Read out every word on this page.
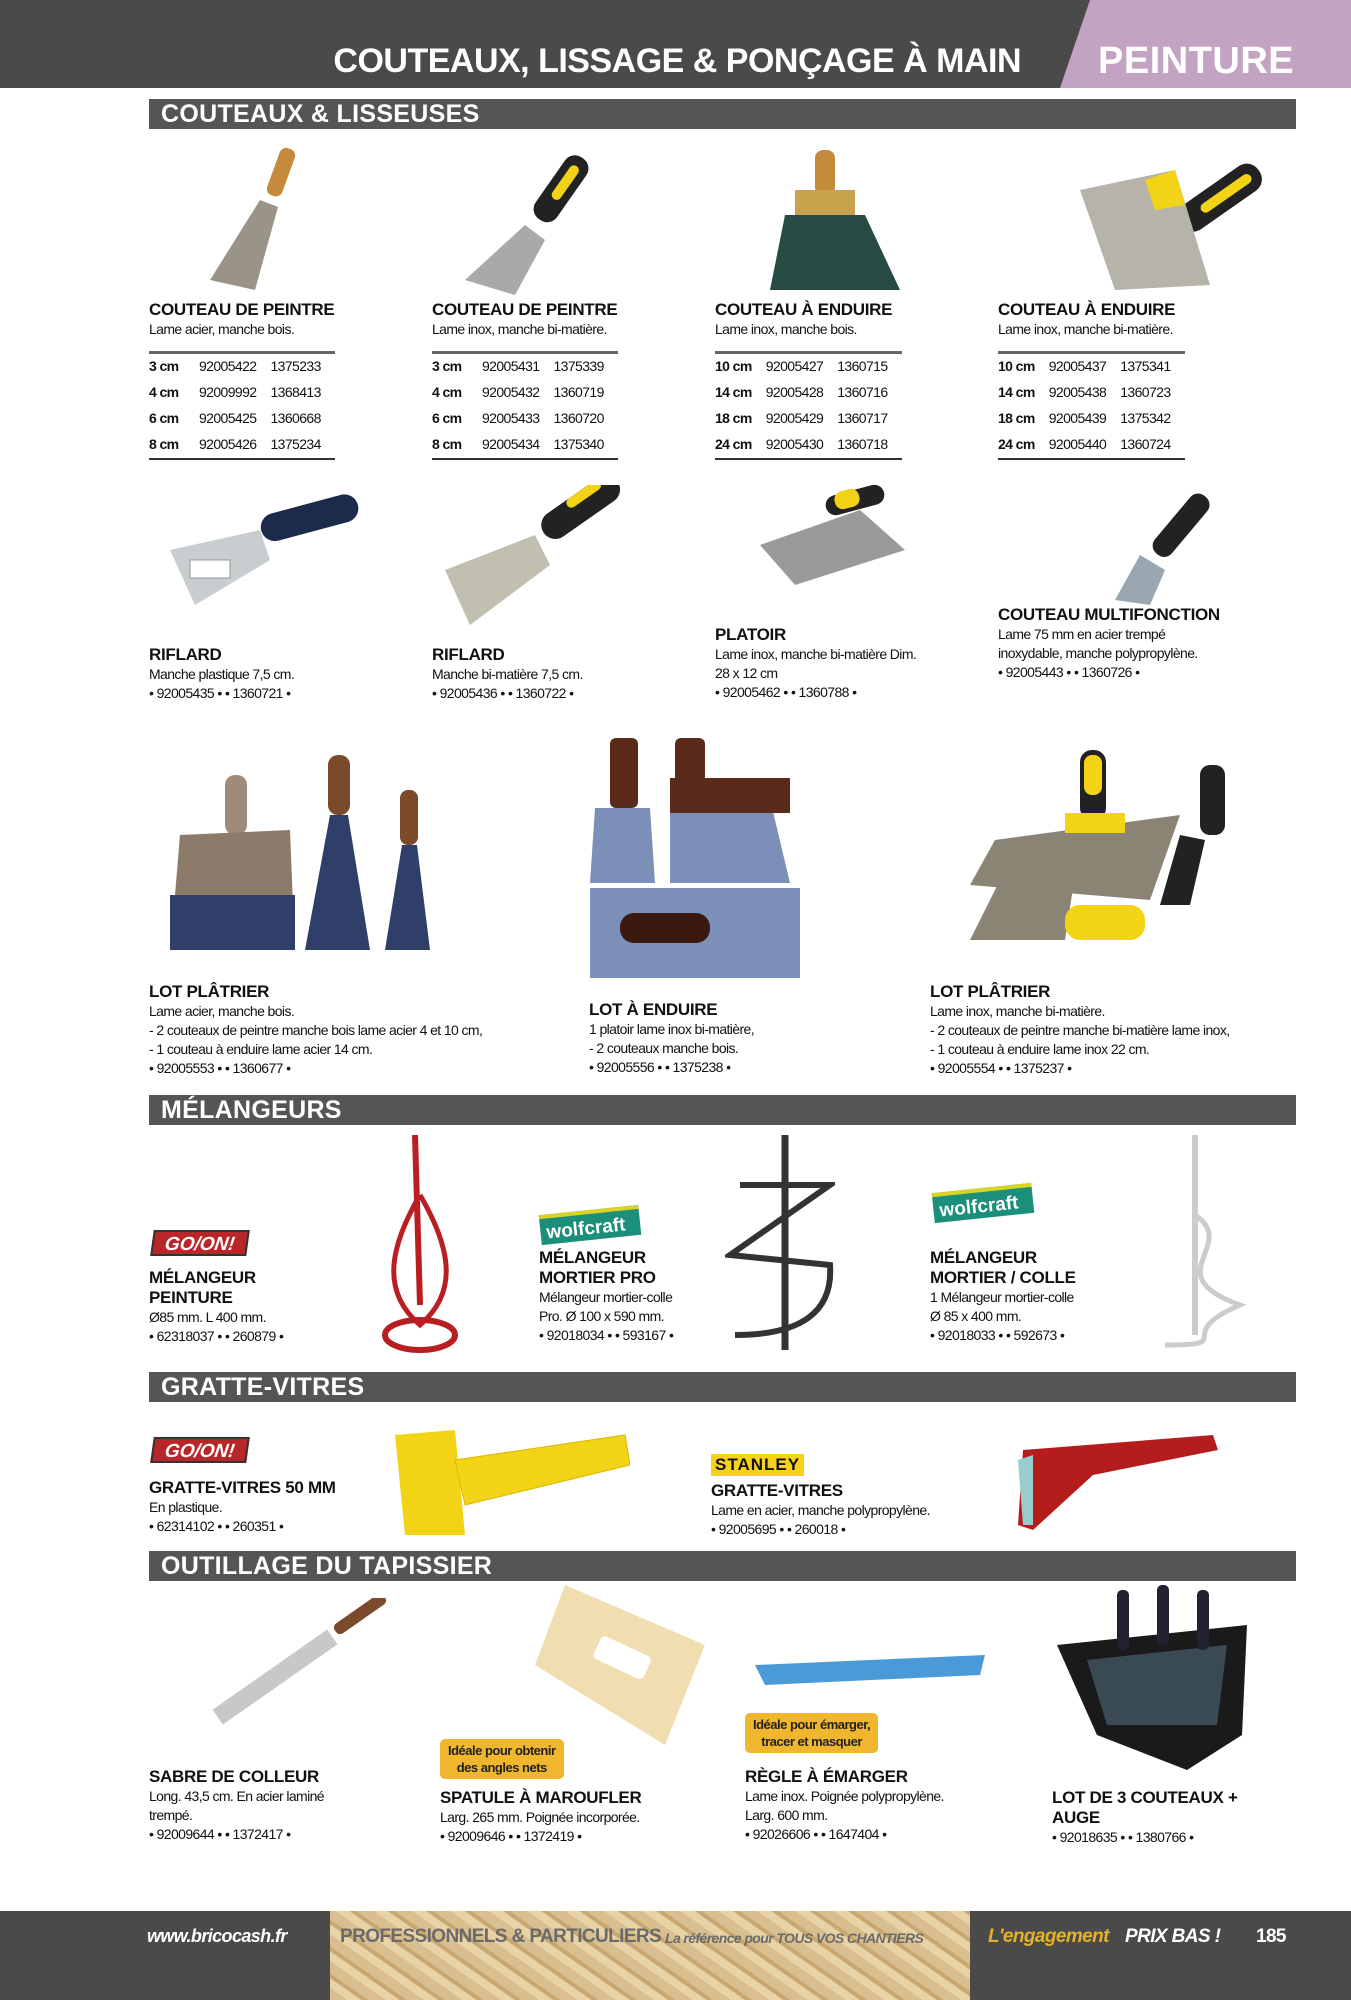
COUTEAUX, LISSAGE & PONÇAGE À MAIN PEINTURE
COUTEAUX & LISSEUSES
MÉLANGEURS
GRATTE-VITRES
OUTILLAGE DU TAPISSIER
GO/ON!
wolfcraft
wolfcraft
GO/ON!
STANLEY
Idéale pour obtenir
des angles nets
Idéale pour émarger,
tracer et masquer
COUTEAU DE PEINTRE
Lame acier, manche bois.
3 cm	92005422	1375233
4 cm	92009992	1368413
6 cm	92005425	1360668
8 cm	92005426	1375234
COUTEAU DE PEINTRE
Lame inox, manche bi-matière.
3 cm	92005431	1375339
4 cm	92005432	1360719
6 cm	92005433	1360720
8 cm	92005434	1375340
COUTEAU À ENDUIRE
Lame inox, manche bois.
10 cm	92005427	1360715
14 cm	92005428	1360716
18 cm	92005429	1360717
24 cm	92005430	1360718
COUTEAU À ENDUIRE
Lame inox, manche bi-matière.
10 cm	92005437	1375341
14 cm	92005438	1360723
18 cm	92005439	1375342
24 cm	92005440	1360724
RIFLARD
Manche plastique 7,5 cm.
• 92005435 • • 1360721 •
RIFLARD
Manche bi-matière 7,5 cm.
• 92005436 • • 1360722 •
PLATOIR
Lame inox, manche bi-matière Dim.
28 x 12 cm
• 92005462 • • 1360788 •
COUTEAU MULTIFONCTION
Lame 75 mm en acier trempé
inoxydable, manche polypropylène.
• 92005443 • • 1360726 •
LOT PLÂTRIER
Lame acier, manche bois.
- 2 couteaux de peintre manche bois lame acier 4 et 10 cm,
- 1 couteau à enduire lame acier 14 cm.
• 92005553 • • 1360677 •
LOT À ENDUIRE
1 platoir lame inox bi-matière,
- 2 couteaux manche bois.
• 92005556 • • 1375238 •
LOT PLÂTRIER
Lame inox, manche bi-matière.
- 2 couteaux de peintre manche bi-matière lame inox,
- 1 couteau à enduire lame inox 22 cm.
• 92005554 • • 1375237 •
MÉLANGEUR PEINTURE
Ø85 mm. L 400 mm.
• 62318037 • • 260879 •
MÉLANGEUR MORTIER PRO
Mélangeur mortier-colle
Pro. Ø 100 x 590 mm.
• 92018034 • • 593167 •
MÉLANGEUR MORTIER / COLLE
1 Mélangeur mortier-colle
Ø 85 x 400 mm.
• 92018033 • • 592673 •
GRATTE-VITRES 50 MM
En plastique.
• 62314102 • • 260351 •
GRATTE-VITRES
Lame en acier, manche polypropylène.
• 92005695 • • 260018 •
SABRE DE COLLEUR
Long. 43,5 cm. En acier laminé
trempé.
• 92009644 • • 1372417 •
SPATULE À MAROUFLER
Larg. 265 mm. Poignée incorporée.
• 92009646 • • 1372419 •
RÈGLE À ÉMARGER
Lame inox. Poignée polypropylène.
Larg. 600 mm.
• 92026606 • • 1647404 •
LOT DE 3 COUTEAUX + AUGE
• 92018635 • • 1380766 •
www.bricocash.fr	PROFESSIONNELS & PARTICULIERS La référence pour TOUS VOS CHANTIERS	L'engagement PRIX BAS ! 185
